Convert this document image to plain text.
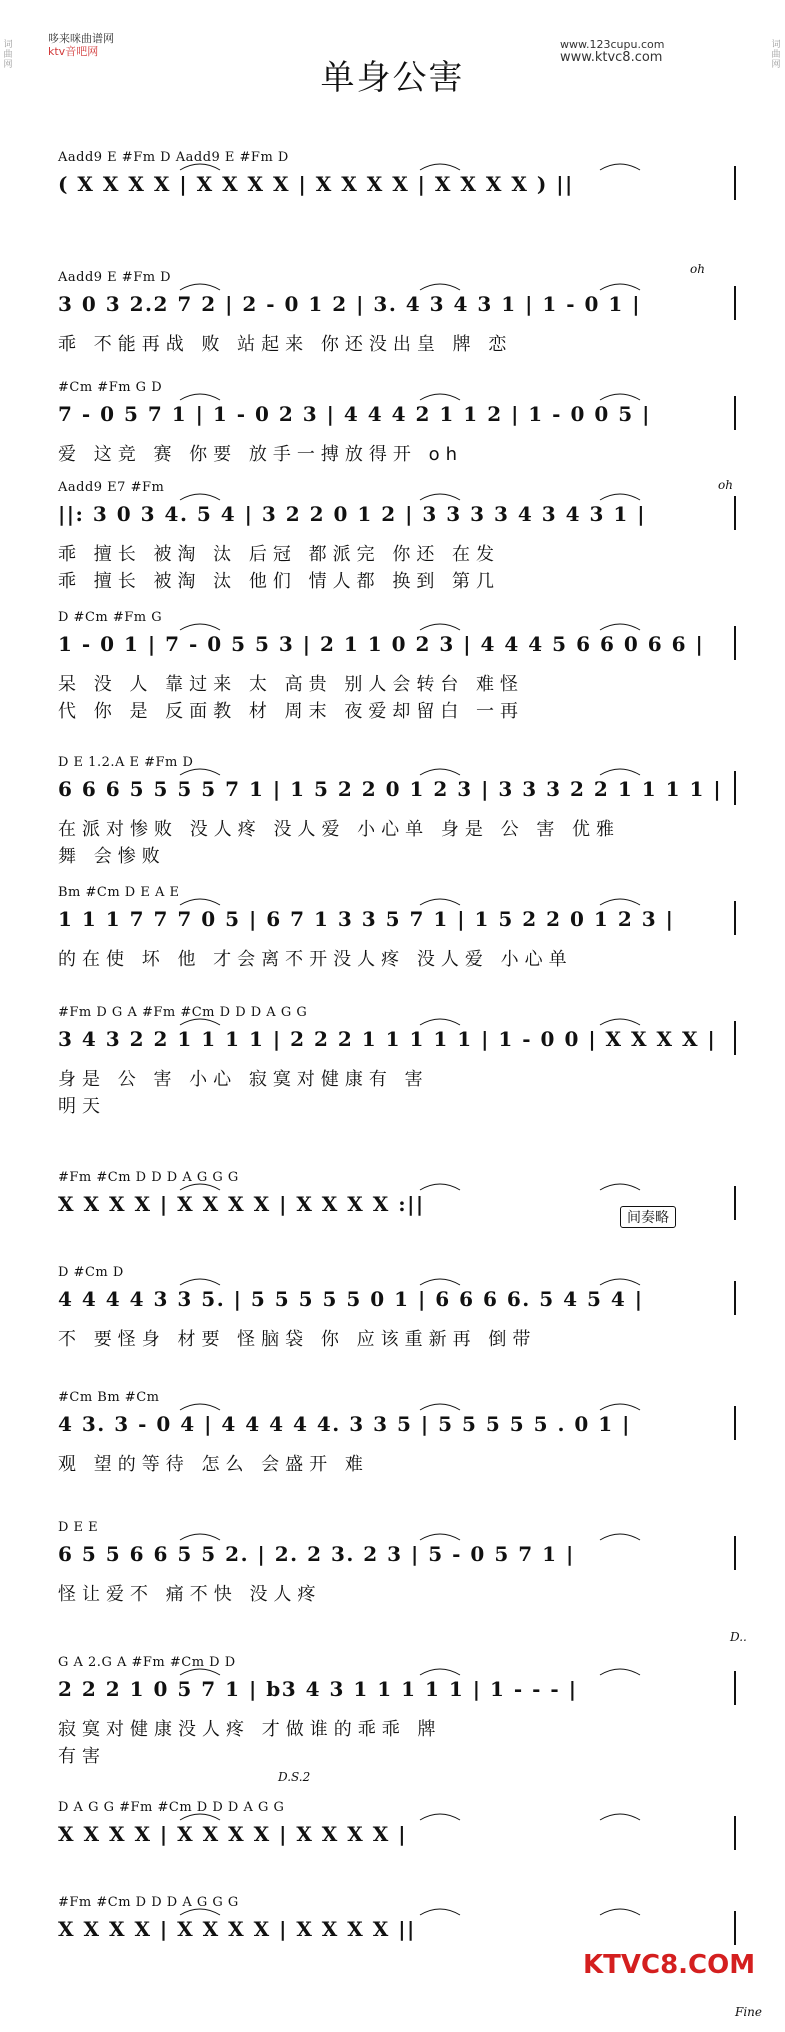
词曲网
词曲网
哆来咪曲谱网
ktv音吧网
www.123cupu.com
www.ktvc8.com
单身公害
Aadd9 E #Fm D Aadd9 E #Fm D
( X X X X | X X X X | X X X X | X X X X ) ||
Aadd9 E #Fm D
3 0 3 2.2 7 2 | 2 - 0 1 2 | 3. 4 3 4 3 1 | 1 - 0 1 |
乖 不能再战 败 站起来 你还没出皇 牌 恋
#Cm #Fm G D
7 - 0 5 7 1 | 1 - 0 2 3 | 4 4 4 2 1 1 2 | 1 - 0 0 5 |
爱 这竞 赛 你要 放手一搏放得开 oh
Aadd9 E7 #Fm
||: 3 0 3 4. 5 4 | 3 2 2 0 1 2 | 3 3 3 3 4 3 4 3 1 |
乖 擅长 被淘 汰 后冠 都派完 你还 在发
乖 擅长 被淘 汰 他们 情人都 换到 第几
D #Cm #Fm G
1 - 0 1 | 7 - 0 5 5 3 | 2 1 1 0 2 3 | 4 4 4 5 6 6 0 6 6 |
呆 没 人 靠过来 太 高贵 别人会转台 难怪
代 你 是 反面教 材 周末 夜爱却留白 一再
D E 1.2.A E #Fm D
6 6 6 5 5 5 5 7 1 | 1 5 2 2 0 1 2 3 | 3 3 3 2 2 1 1 1 1 |
在派对惨败 没人疼 没人爱 小心单 身是 公 害 优雅
舞 会惨败
Bm #Cm D E A E
1 1 1 7 7 7 0 5 | 6 7 1 3 3 5 7 1 | 1 5 2 2 0 1 2 3 |
的在使 坏 他 才会离不开没人疼 没人爱 小心单
#Fm D G A #Fm #Cm D D D A G G
3 4 3 2 2 1 1 1 1 | 2 2 2 1 1 1 1 1 | 1 - 0 0 | X X X X |
身是 公 害 小心 寂寞对健康有 害
明天
#Fm #Cm D D D A G G G
X X X X | X X X X | X X X X :||
D #Cm D
4 4 4 4 3 3 5. | 5 5 5 5 5 0 1 | 6 6 6 6. 5 4 5 4 |
不 要怪身 材要 怪脑袋 你 应该重新再 倒带
#Cm Bm #Cm
4 3. 3 - 0 4 | 4 4 4 4 4. 3 3 5 | 5 5 5 5 5 . 0 1 |
观 望的等待 怎么 会盛开 难
D E E
6 5 5 6 6 5 5 2. | 2. 2 3. 2 3 | 5 - 0 5 7 1 |
怪让爱不 痛不快 没人疼
G A 2.G A #Fm #Cm D D
2 2 2 1 0 5 7 1 | b3 4 3 1 1 1 1 1 | 1 - - - |
寂寞对健康没人疼 才做谁的乖乖 牌
有害
D A G G #Fm #Cm D D D A G G
X X X X | X X X X | X X X X |
#Fm #Cm D D D A G G G
X X X X | X X X X | X X X X ||
oh
oh
间奏略
D.S.2
D..
Fine
KTVC8.COM
